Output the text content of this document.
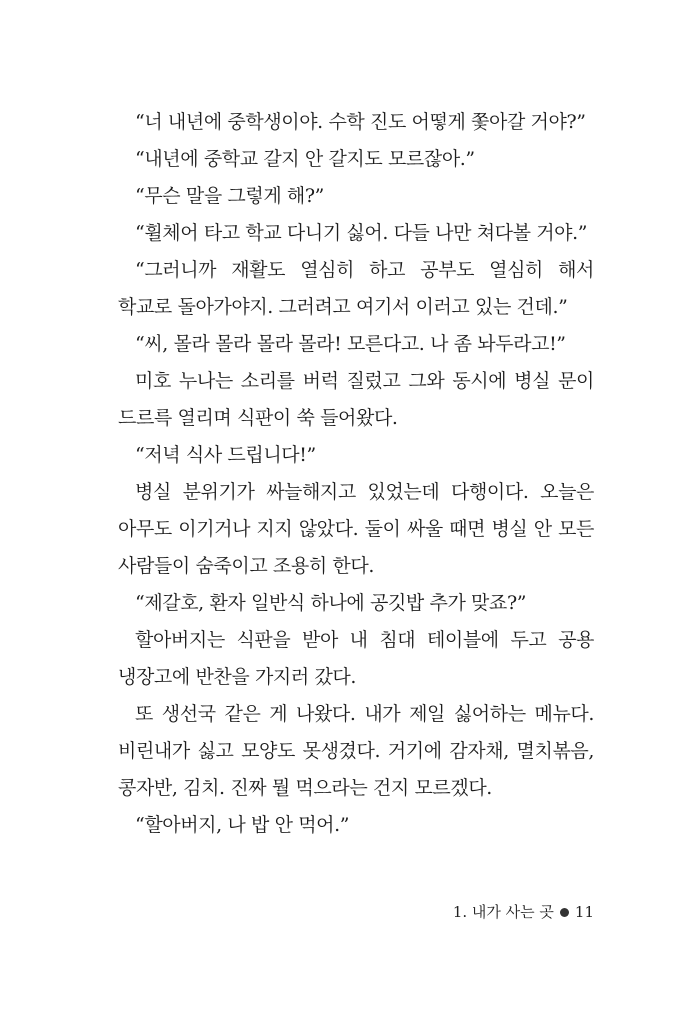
“너 내년에 중학생이야. 수학 진도 어떻게 쫓아갈 거야?”

“내년에 중학교 갈지 안 갈지도 모르잖아.”

“무슨 말을 그렇게 해?”

“휠체어 타고 학교 다니기 싫어. 다들 나만 쳐다볼 거야.”

“그러니까 재활도 열심히 하고 공부도 열심히 해서 학교로 돌아가야지. 그러려고 여기서 이러고 있는 건데.”

“씨, 몰라 몰라 몰라 몰라! 모른다고. 나 좀 놔두라고!”

미호 누나는 소리를 버럭 질렀고 그와 동시에 병실 문이 드르륵 열리며 식판이 쑥 들어왔다.

“저녁 식사 드립니다!”

병실 분위기가 싸늘해지고 있었는데 다행이다. 오늘은 아무도 이기거나 지지 않았다. 둘이 싸울 때면 병실 안 모든 사람들이 숨죽이고 조용히 한다.

“제갈호, 환자 일반식 하나에 공깃밥 추가 맞죠?”

할아버지는 식판을 받아 내 침대 테이블에 두고 공용 냉장고에 반찬을 가지러 갔다.

또 생선국 같은 게 나왔다. 내가 제일 싫어하는 메뉴다. 비린내가 싫고 모양도 못생겼다. 거기에 감자채, 멸치볶음, 콩자반, 김치. 진짜 뭘 먹으라는 건지 모르겠다.

“할아버지, 나 밥 안 먹어.”

1. 내가 사는 곳 11
